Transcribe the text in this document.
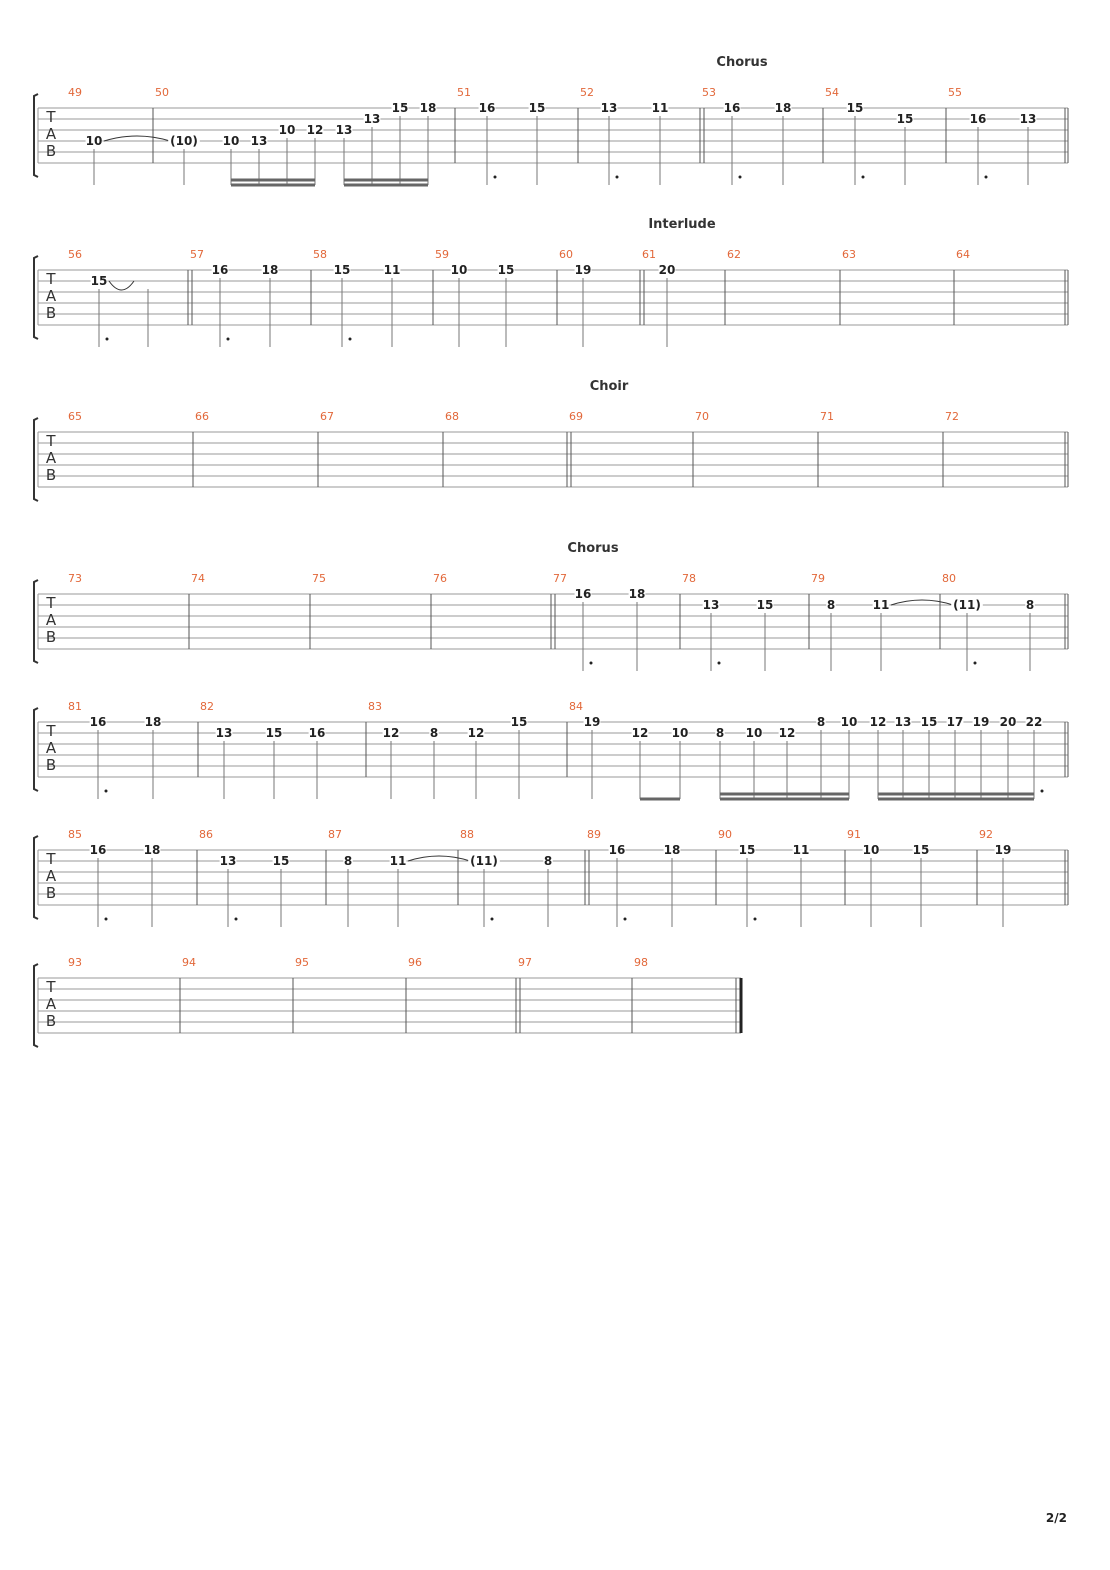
T
A
B
Chorus
49
10
50
(10) 10 13
10 12 13
13
15 18
51
16	15
52
13	11
53
16	18
54
15
15
55
16	13
T
A
B
Interlude
56
15
57
16	18
58
15	11
59
10	15
60
19
61
20
62	63	64
T
A
B
Choir
65	66	67	68	69	70	71	72
T
A
B
Chorus
73	74	75	76	77
16	18
78
13	15
79
8	11
80
(11)	8
T
A
B
81
16	18
82
13	15 16
83
12	8 12
15
84
19
12 10 8 10 12
8 10 12 13 15 17 19 20 22
T
A
B
85
16	18
86
13	15
87
8	11
88
(11)	8
89
16	18
90
15	11
91
10	15
92
19
T
A
B
93	94	95	96	97	98
2/2
